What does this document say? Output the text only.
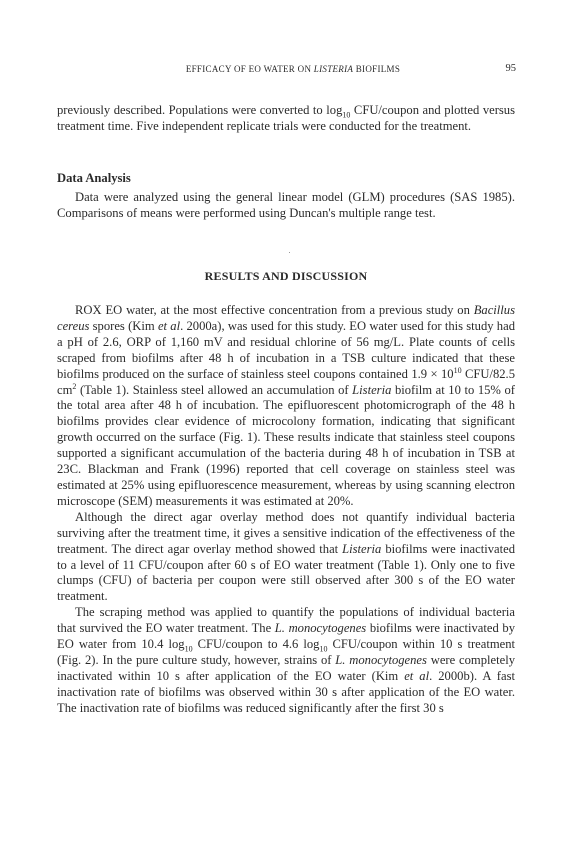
EFFICACY OF EO WATER ON LISTERIA BIOFILMS	95

previously described. Populations were converted to $\log_{10}$ CFU/coupon and plotted versus treatment time. Five independent replicate trials were conducted for the treatment.

Data Analysis

Data were analyzed using the general linear model (GLM) procedures (SAS 1985). Comparisons of means were performed using Duncan's multiple range test.

RESULTS AND DISCUSSION

ROX EO water, at the most effective concentration from a previous study on Bacillus cereus spores (Kim et al. 2000a), was used for this study. EO water used for this study had a pH of 2.6, ORP of 1,160 mV and residual chlorine of 56 mg/L. Plate counts of cells scraped from biofilms after 48 h of incubation in a TSB culture indicated that these biofilms produced on the surface of stainless steel coupons contained $1.9 \times 10^{10}$ CFU/82.5 $cm^2$ (Table 1). Stainless steel allowed an accumulation of Listeria biofilm at 10 to 15% of the total area after 48 h of incubation. The epifluorescent photomicrograph of the 48 h biofilms provides clear evidence of microcolony formation, indicating that significant growth occurred on the surface (Fig. 1). These results indicate that stainless steel coupons supported a significant accumulation of the bacteria during 48 h of incubation in TSB at 23C. Blackman and Frank (1996) reported that cell coverage on stainless steel was estimated at 25% using epifluorescence measurement, whereas by using scanning electron microscope (SEM) measurements it was estimated at 20%.

Although the direct agar overlay method does not quantify individual bacteria surviving after the treatment time, it gives a sensitive indication of the effectiveness of the treatment. The direct agar overlay method showed that Listeria biofilms were inactivated to a level of 11 CFU/coupon after 60 s of EO water treatment (Table 1). Only one to five clumps (CFU) of bacteria per coupon were still observed after 300 s of the EO water treatment.

The scraping method was applied to quantify the populations of individual bacteria that survived the EO water treatment. The L. monocytogenes biofilms were inactivated by EO water from 10.4 $\log_{10}$ CFU/coupon to 4.6 $\log_{10}$ CFU/coupon within 10 s treatment (Fig. 2). In the pure culture study, however, strains of L. monocytogenes were completely inactivated within 10 s after application of the EO water (Kim et al. 2000b). A fast inactivation rate of biofilms was observed within 30 s after application of the EO water. The inactivation rate of biofilms was reduced significantly after the first 30 s
